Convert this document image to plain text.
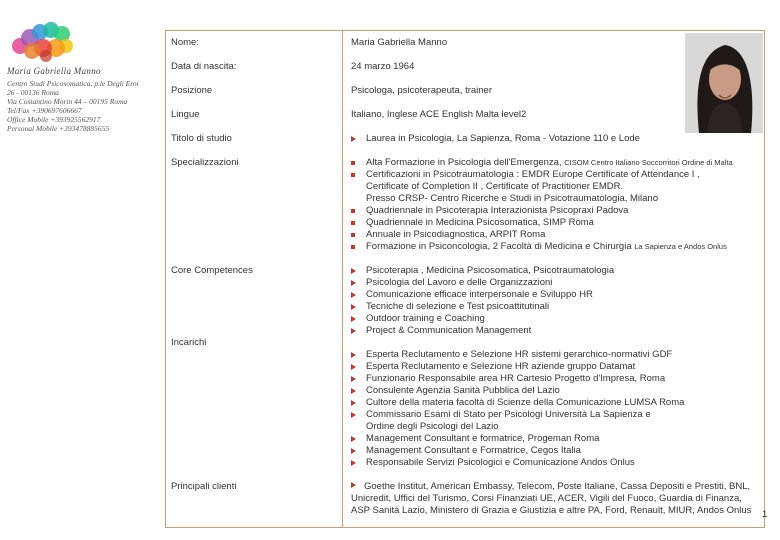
Maria Gabriella Manno
Centro Studi Psicosomatica, p.le Degli Eroi
26 - 00136 Roma
Via Costantino Morin 44 – 00195 Roma
Tel/Fax +390697606667
Office Mobile +393925562917
Personal Mobile +393478885655
Nome:	Maria Gabriella Manno
Data di nascita:	24 marzo 1964
Posizione	Psicologa, psicoterapeuta, trainer
Lingue	Italiano, Inglese ACE English Malta level2
Titolo di studio	Laurea in Psicologia, La Sapienza, Roma - Votazione 110 e Lode
Specializzazioni	Alta Formazione in Psicologia dell'Emergenza, CISOM Centro Italiano Soccorritori Ordine di Malta
Certificazioni in Psicotraumatologia : EMDR Europe Certificate of Attendance I ,
Certificate of Completion II , Certificate of Practitioner EMDR.
Presso CRSP- Centro Ricerche e Studi in Psicotraumatologia, Milano
Quadriennale in Psicoterapia Interazionista Psicopraxi Padova
Quadriennale in Medicina Psicosomatica, SIMP Roma
Annuale in Psicodiagnostica, ARPIT Roma
Formazione in Psiconcologia, 2 Facoltà di Medicina e Chirurgia La Sapienza e Andos Onlus
Core Competences	Psicoterapia , Medicina Psicosomatica, Psicotraumatologia
Psicologia del Lavoro e delle Organizzazioni
Comunicazione efficace interpersonale e Sviluppo HR
Tecniche di selezione e Test psicoattitutinali
Outdoor training e Coaching
Project & Communication Management
Incarichi
Esperta Reclutamento e Selezione HR sistemi gerarchico-normativi GDF
Esperta Reclutamento e Selezione HR aziende gruppo Datamat
Funzionario Responsabile area HR Cartesio Progetto d'Impresa, Roma
Consulente Agenzia Sanità Pubblica del Lazio
Cultore della materia facoltà di Scienze della Comunicazione LUMSA Roma
Commissario Esami di Stato per Psicologi Università La Sapienza e
Ordine degli Psicologi del Lazio
Management Consultant e formatrice, Progeman Roma
Management Consultant e Formatrice, Cegos Italia
Responsabile Servizi Psicologici e Comunicazione Andos Onlus
Principali clienti	Goethe Institut, American Embassy, Telecom, Poste Italiane, Cassa Depositi e Prestiti, BNL, Unicredit, Uffici del Turismo, Corsi Finanziati UE, ACER, Vigili del Fuoco, Guardia di Finanza, ASP Sanità Lazio, Ministero di Grazia e Giustizia e altre PA, Ford, Renault, MIUR, Andos Onlus	1
